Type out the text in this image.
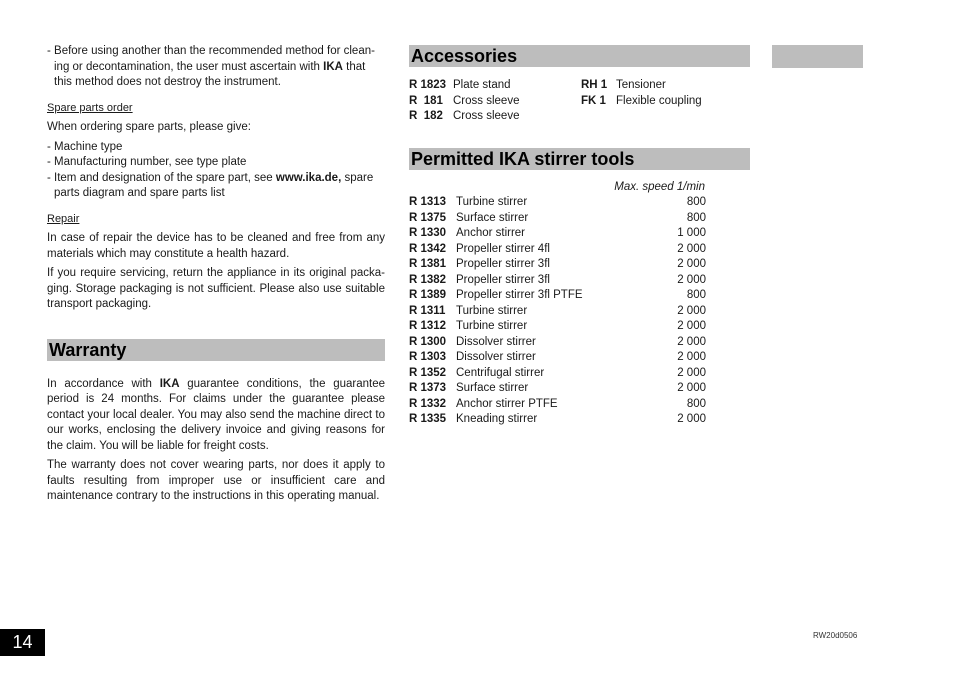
- Before using another than the recommended method for clean-ing or decontamination, the user must ascertain with IKA that this method does not destroy the instrument.

Spare parts order

When ordering spare parts, please give:

- Machine type

- Manufacturing number, see type plate

- Item and designation of the spare part, see www.ika.de, spare parts diagram and spare parts list

Repair

In case of repair the device has to be cleaned and free from any materials which may constitute a health hazard.

If you require servicing, return the appliance in its original packa-ging. Storage packaging is not sufficient. Please also use suitable transport packaging.

Warranty

In accordance with IKA guarantee conditions, the guarantee period is 24 months. For claims under the guarantee please contact your local dealer. You may also send the machine direct to our works, enclosing the delivery invoice and giving reasons for the claim. You will be liable for freight costs.

The warranty does not cover wearing parts, nor does it apply to faults resulting from improper use or insufficient care and maintenance contrary to the instructions in this operating manual.

Accessories
R 1823	Plate stand	RH 1	Tensioner
R  181	Cross sleeve	FK 1	Flexible coupling
R  182	Cross sleeve		
Permitted IKA stirrer tools
Max. speed 1/min
R 1313	Turbine stirrer	800
R 1375	Surface stirrer	800
R 1330	Anchor stirrer	1 000
R 1342	Propeller stirrer 4fl	2 000
R 1381	Propeller stirrer 3fl	2 000
R 1382	Propeller stirrer 3fl	2 000
R 1389	Propeller stirrer 3fl PTFE	800
R 1311	Turbine stirrer	2 000
R 1312	Turbine stirrer	2 000
R 1300	Dissolver stirrer	2 000
R 1303	Dissolver stirrer	2 000
R 1352	Centrifugal stirrer	2 000
R 1373	Surface stirrer	2 000
R 1332	Anchor stirrer PTFE	800
R 1335	Kneading stirrer	2 000
14	RW20d0506
